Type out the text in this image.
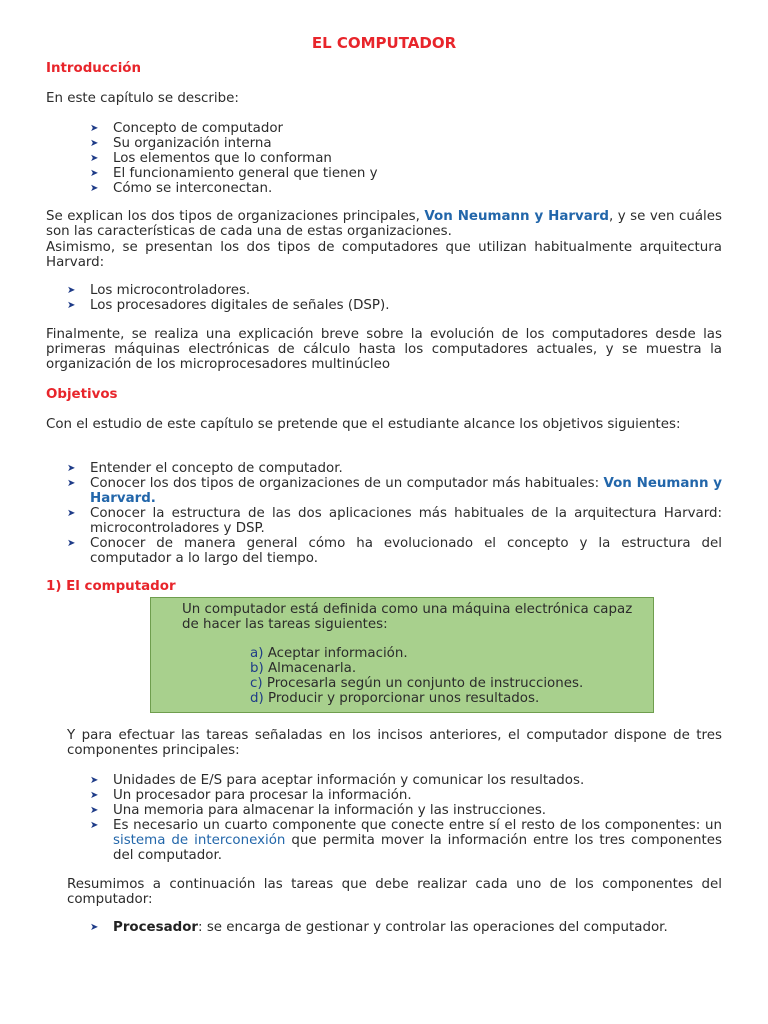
EL COMPUTADOR
Introducción

En este capítulo se describe:

➤ Concepto de computador
➤ Su organización interna
➤ Los elementos que lo conforman
➤ El funcionamiento general que tienen y
➤ Cómo se interconectan.

Se explican los dos tipos de organizaciones principales, Von Neumann y Harvard, y se ven cuáles son las características de cada una de estas organizaciones.

Asimismo, se presentan los dos tipos de computadores que utilizan habitualmente arquitectura Harvard:

➤ Los microcontroladores.
➤ Los procesadores digitales de señales (DSP).

Finalmente, se realiza una explicación breve sobre la evolución de los computadores desde las primeras máquinas electrónicas de cálculo hasta los computadores actuales, y se muestra la organización de los microprocesadores multinúcleo

Objetivos

Con el estudio de este capítulo se pretende que el estudiante alcance los objetivos siguientes:

➤ Entender el concepto de computador.
➤ Conocer los dos tipos de organizaciones de un computador más habituales: Von Neumann y Harvard.
➤ Conocer la estructura de las dos aplicaciones más habituales de la arquitectura Harvard: microcontroladores y DSP.
➤ Conocer de manera general cómo ha evolucionado el concepto y la estructura del computador a lo largo del tiempo.
1) El computador

Un computador está definida como una máquina electrónica capaz de hacer las tareas siguientes:

a) Aceptar información.
b) Almacenarla.
c) Procesarla según un conjunto de instrucciones.
d) Producir y proporcionar unos resultados.

Y para efectuar las tareas señaladas en los incisos anteriores, el computador dispone de tres componentes principales:

➤ Unidades de E/S para aceptar información y comunicar los resultados.
➤ Un procesador para procesar la información.
➤ Una memoria para almacenar la información y las instrucciones.
➤ Es necesario un cuarto componente que conecte entre sí el resto de los componentes: un sistema de interconexión que permita mover la información entre los tres componentes del computador.

Resumimos a continuación las tareas que debe realizar cada uno de los componentes del computador:

➤ Procesador: se encarga de gestionar y controlar las operaciones del computador.
